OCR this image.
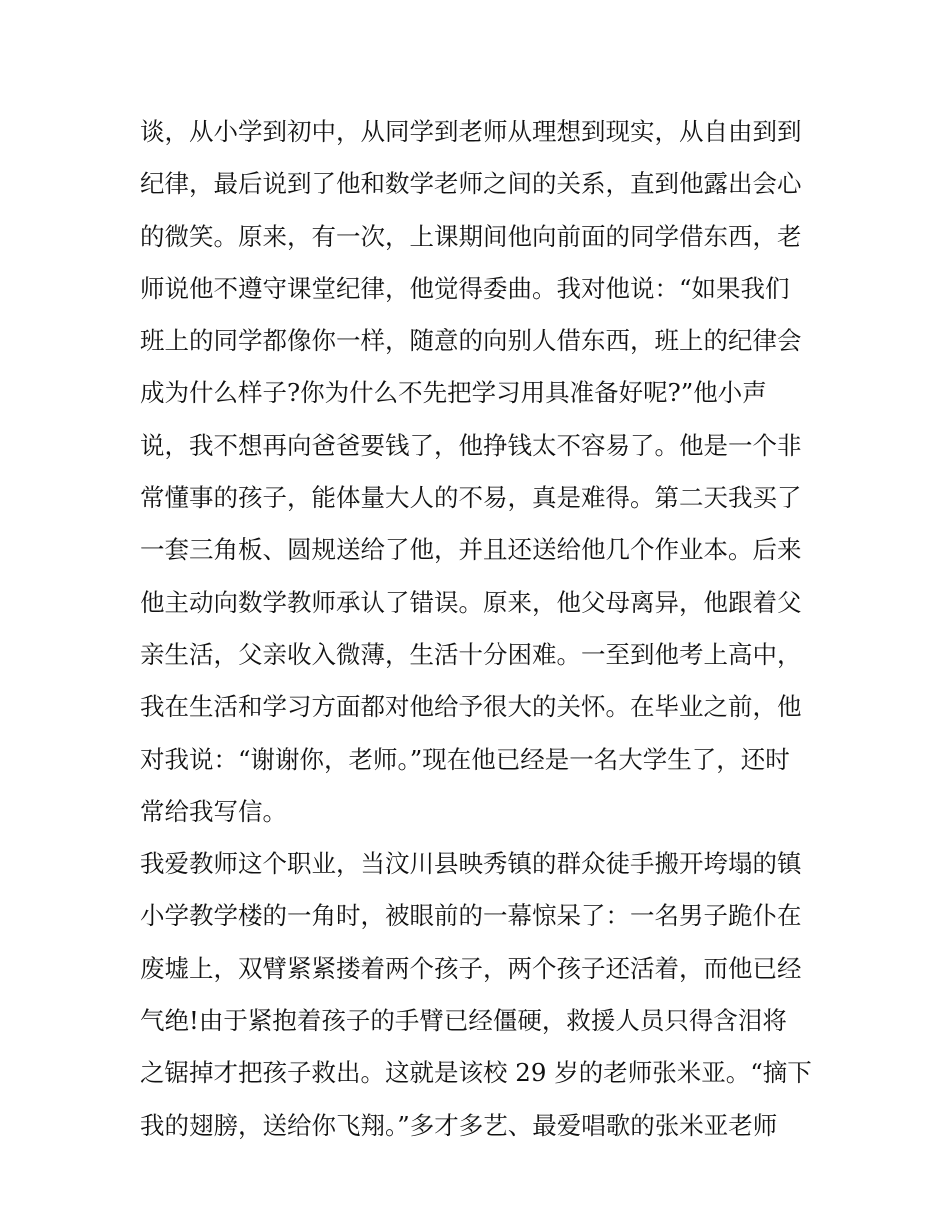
谈，从小学到初中，从同学到老师从理想到现实，从自由到到
纪律，最后说到了他和数学老师之间的关系，直到他露出会心
的微笑。原来，有一次，上课期间他向前面的同学借东西，老
师说他不遵守课堂纪律，他觉得委曲。我对他说：“如果我们
班上的同学都像你一样，随意的向别人借东西，班上的纪律会
成为什么样子?你为什么不先把学习用具准备好呢?”他小声
说，我不想再向爸爸要钱了，他挣钱太不容易了。他是一个非
常懂事的孩子，能体量大人的不易，真是难得。第二天我买了
一套三角板、圆规送给了他，并且还送给他几个作业本。后来
他主动向数学教师承认了错误。原来，他父母离异，他跟着父
亲生活，父亲收入微薄，生活十分困难。一至到他考上高中，
我在生活和学习方面都对他给予很大的关怀。在毕业之前，他
对我说：“谢谢你，老师。”现在他已经是一名大学生了，还时
常给我写信。
我爱教师这个职业，当汶川县映秀镇的群众徒手搬开垮塌的镇
小学教学楼的一角时，被眼前的一幕惊呆了：一名男子跪仆在
废墟上，双臂紧紧搂着两个孩子，两个孩子还活着，而他已经
气绝!由于紧抱着孩子的手臂已经僵硬，救援人员只得含泪将
之锯掉才把孩子救出。这就是该校 29 岁的老师张米亚。“摘下
我的翅膀，送给你飞翔。”多才多艺、最爱唱歌的张米亚老师
